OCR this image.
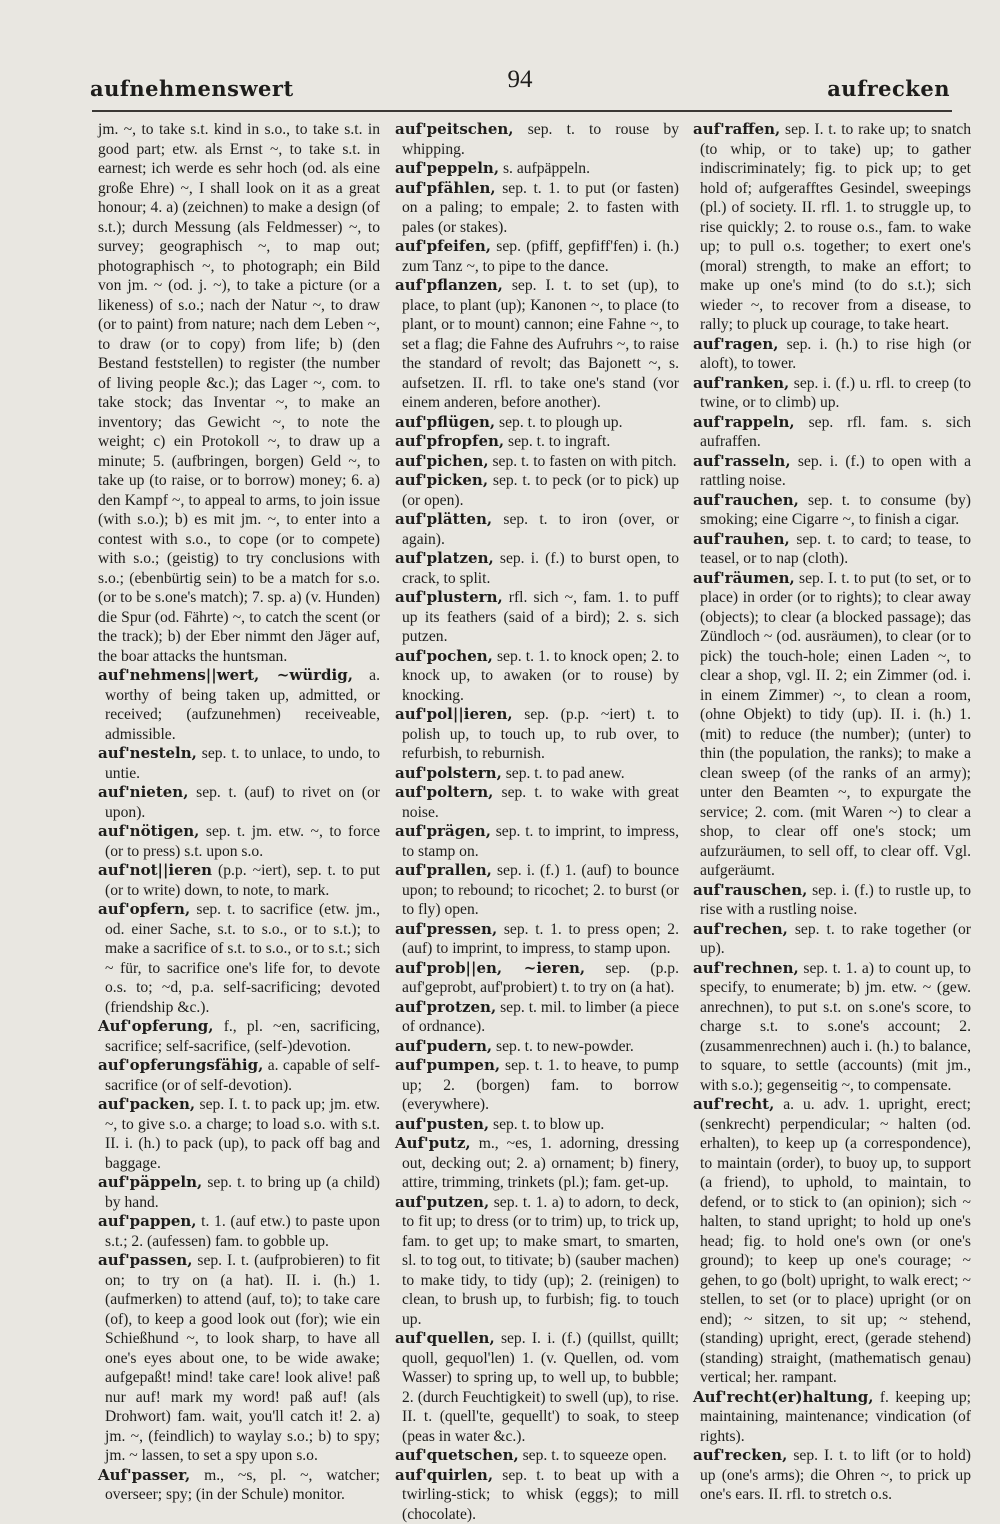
aufnehmenswert	94	aufrecken

jm. ~, to take s.t. kind in s.o., to take s.t. in good part; etw. als Ernst ~, to take s.t. in earnest; ich werde es sehr hoch (od. als eine große Ehre) ~, I shall look on it as a great honour; 4. a) (zeichnen) to make a design (of s.t.); durch Messung (als Feldmesser) ~, to survey; geographisch ~, to map out; photographisch ~, to photograph; ein Bild von jm. ~ (od. j. ~), to take a picture (or a likeness) of s.o.; nach der Natur ~, to draw (or to paint) from nature; nach dem Leben ~, to draw (or to copy) from life; b) (den Bestand feststellen) to register (the number of living people &c.); das Lager ~, com. to take stock; das Inventar ~, to make an inventory; das Gewicht ~, to note the weight; c) ein Protokoll ~, to draw up a minute; 5. (aufbringen, borgen) Geld ~, to take up (to raise, or to borrow) money; 6. a) den Kampf ~, to appeal to arms, to join issue (with s.o.); b) es mit jm. ~, to enter into a contest with s.o., to cope (or to compete) with s.o.; (geistig) to try conclusions with s.o.; (ebenbürtig sein) to be a match for s.o. (or to be s.one's match); 7. sp. a) (v. Hunden) die Spur (od. Fährte) ~, to catch the scent (or the track); b) der Eber nimmt den Jäger auf, the boar attacks the huntsman.

auf'nehmens||wert, ~würdig, a. worthy of being taken up, admitted, or received; (aufzunehmen) receiveable, admissible.

auf'nesteln, sep. t. to unlace, to undo, to untie.

auf'nieten, sep. t. (auf) to rivet on (or upon).

auf'nötigen, sep. t. jm. etw. ~, to force (or to press) s.t. upon s.o.

auf'not||ieren (p.p. ~iert), sep. t. to put (or to write) down, to note, to mark.

auf'opfern, sep. t. to sacrifice (etw. jm., od. einer Sache, s.t. to s.o., or to s.t.); to make a sacrifice of s.t. to s.o., or to s.t.; sich ~ für, to sacrifice one's life for, to devote o.s. to; ~d, p.a. self-sacrificing; devoted (friendship &c.).

Auf'opferung, f., pl. ~en, sacrificing, sacrifice; self-sacrifice, (self-)devotion.

auf'opferungsfähig, a. capable of self-sacrifice (or of self-devotion).

auf'packen, sep. I. t. to pack up; jm. etw. ~, to give s.o. a charge; to load s.o. with s.t. II. i. (h.) to pack (up), to pack off bag and baggage.

auf'päppeln, sep. t. to bring up (a child) by hand.

auf'pappen, t. 1. (auf etw.) to paste upon s.t.; 2. (aufessen) fam. to gobble up.

auf'passen, sep. I. t. (aufprobieren) to fit on; to try on (a hat). II. i. (h.) 1. (aufmerken) to attend (auf, to); to take care (of), to keep a good look out (for); wie ein Schießhund ~, to look sharp, to have all one's eyes about one, to be wide awake; aufgepaßt! mind! take care! look alive! paß nur auf! mark my word! paß auf! (als Drohwort) fam. wait, you'll catch it! 2. a) jm. ~, (feindlich) to waylay s.o.; b) to spy; jm. ~ lassen, to set a spy upon s.o.

Auf'passer, m., ~s, pl. ~, watcher; overseer; spy; (in der Schule) monitor.

auf'peitschen, sep. t. to rouse by whipping.

auf'peppeln, s. aufpäppeln.

auf'pfählen, sep. t. 1. to put (or fasten) on a paling; to empale; 2. to fasten with pales (or stakes).

auf'pfeifen, sep. (pfiff, gepfiff'fen) i. (h.) zum Tanz ~, to pipe to the dance.

auf'pflanzen, sep. I. t. to set (up), to place, to plant (up); Kanonen ~, to place (to plant, or to mount) cannon; eine Fahne ~, to set a flag; die Fahne des Aufruhrs ~, to raise the standard of revolt; das Bajonett ~, s. aufsetzen. II. rfl. to take one's stand (vor einem anderen, before another).

auf'pflügen, sep. t. to plough up.

auf'pfropfen, sep. t. to ingraft.

auf'pichen, sep. t. to fasten on with pitch.

auf'picken, sep. t. to peck (or to pick) up (or open).

auf'plätten, sep. t. to iron (over, or again).

auf'platzen, sep. i. (f.) to burst open, to crack, to split.

auf'plustern, rfl. sich ~, fam. 1. to puff up its feathers (said of a bird); 2. s. sich putzen.

auf'pochen, sep. t. 1. to knock open; 2. to knock up, to awaken (or to rouse) by knocking.

auf'pol||ieren, sep. (p.p. ~iert) t. to polish up, to touch up, to rub over, to refurbish, to reburnish.

auf'polstern, sep. t. to pad anew.

auf'poltern, sep. t. to wake with great noise.

auf'prägen, sep. t. to imprint, to impress, to stamp on.

auf'prallen, sep. i. (f.) 1. (auf) to bounce upon; to rebound; to ricochet; 2. to burst (or to fly) open.

auf'pressen, sep. t. 1. to press open; 2. (auf) to imprint, to impress, to stamp upon.

auf'prob||en, ~ieren, sep. (p.p. auf'geprobt, auf'probiert) t. to try on (a hat).

auf'protzen, sep. t. mil. to limber (a piece of ordnance).

auf'pudern, sep. t. to new-powder.

auf'pumpen, sep. t. 1. to heave, to pump up; 2. (borgen) fam. to borrow (everywhere).

auf'pusten, sep. t. to blow up.

Auf'putz, m., ~es, 1. adorning, dressing out, decking out; 2. a) ornament; b) finery, attire, trimming, trinkets (pl.); fam. get-up.

auf'putzen, sep. t. 1. a) to adorn, to deck, to fit up; to dress (or to trim) up, to trick up, fam. to get up; to make smart, to smarten, sl. to tog out, to titivate; b) (sauber machen) to make tidy, to tidy (up); 2. (reinigen) to clean, to brush up, to furbish; fig. to touch up.

auf'quellen, sep. I. i. (f.) (quillst, quillt; quoll, gequol'len) 1. (v. Quellen, od. vom Wasser) to spring up, to well up, to bubble; 2. (durch Feuchtigkeit) to swell (up), to rise. II. t. (quell'te, gequellt') to soak, to steep (peas in water &c.).

auf'quetschen, sep. t. to squeeze open.

auf'quirlen, sep. t. to beat up with a twirling-stick; to whisk (eggs); to mill (chocolate).

auf'raffen, sep. I. t. to rake up; to snatch (to whip, or to take) up; to gather indiscriminately; fig. to pick up; to get hold of; aufgerafftes Gesindel, sweepings (pl.) of society. II. rfl. 1. to struggle up, to rise quickly; 2. to rouse o.s., fam. to wake up; to pull o.s. together; to exert one's (moral) strength, to make an effort; to make up one's mind (to do s.t.); sich wieder ~, to recover from a disease, to rally; to pluck up courage, to take heart.

auf'ragen, sep. i. (h.) to rise high (or aloft), to tower.

auf'ranken, sep. i. (f.) u. rfl. to creep (to twine, or to climb) up.

auf'rappeln, sep. rfl. fam. s. sich aufraffen.

auf'rasseln, sep. i. (f.) to open with a rattling noise.

auf'rauchen, sep. t. to consume (by) smoking; eine Cigarre ~, to finish a cigar.

auf'rauhen, sep. t. to card; to tease, to teasel, or to nap (cloth).

auf'räumen, sep. I. t. to put (to set, or to place) in order (or to rights); to clear away (objects); to clear (a blocked passage); das Zündloch ~ (od. ausräumen), to clear (or to pick) the touch-hole; einen Laden ~, to clear a shop, vgl. II. 2; ein Zimmer (od. i. in einem Zimmer) ~, to clean a room, (ohne Objekt) to tidy (up). II. i. (h.) 1. (mit) to reduce (the number); (unter) to thin (the population, the ranks); to make a clean sweep (of the ranks of an army); unter den Beamten ~, to expurgate the service; 2. com. (mit Waren ~) to clear a shop, to clear off one's stock; um aufzuräumen, to sell off, to clear off. Vgl. aufgeräumt.

auf'rauschen, sep. i. (f.) to rustle up, to rise with a rustling noise.

auf'rechen, sep. t. to rake together (or up).

auf'rechnen, sep. t. 1. a) to count up, to specify, to enumerate; b) jm. etw. ~ (gew. anrechnen), to put s.t. on s.one's score, to charge s.t. to s.one's account; 2. (zusammenrechnen) auch i. (h.) to balance, to square, to settle (accounts) (mit jm., with s.o.); gegenseitig ~, to compensate.

auf'recht, a. u. adv. 1. upright, erect; (senkrecht) perpendicular; ~ halten (od. erhalten), to keep up (a correspondence), to maintain (order), to buoy up, to support (a friend), to uphold, to maintain, to defend, or to stick to (an opinion); sich ~ halten, to stand upright; to hold up one's head; fig. to hold one's own (or one's ground); to keep up one's courage; ~ gehen, to go (bolt) upright, to walk erect; ~ stellen, to set (or to place) upright (or on end); ~ sitzen, to sit up; ~ stehend, (standing) upright, erect, (gerade stehend) (standing) straight, (mathematisch genau) vertical; her. rampant.

Auf'recht(er)haltung, f. keeping up; maintaining, maintenance; vindication (of rights).

auf'recken, sep. I. t. to lift (or to hold) up (one's arms); die Ohren ~, to prick up one's ears. II. rfl. to stretch o.s.
